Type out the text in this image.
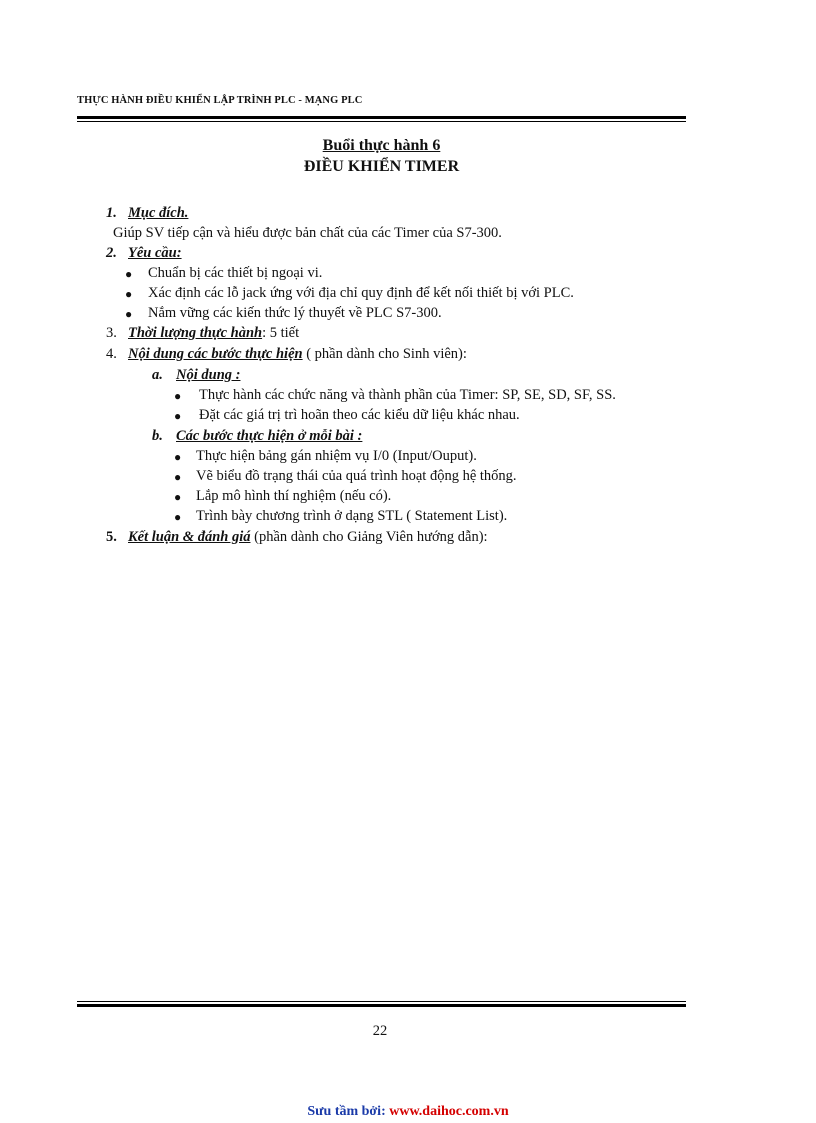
THỰC HÀNH ĐIỀU KHIỂN LẬP TRÌNH PLC - MẠNG PLC
Buổi thực hành 6
ĐIỀU KHIỂN TIMER
1. Mục đích.
Giúp SV tiếp cận và hiểu được bản chất của các Timer của S7-300.
2. Yêu cầu:
● Chuẩn bị các thiết bị ngoại vi.
● Xác định các lỗ jack ứng với địa chỉ quy định để kết nối thiết bị với PLC.
● Nắm vững các kiến thức lý thuyết về PLC S7-300.
3. Thời lượng thực hành: 5 tiết
4. Nội dung các bước thực hiện ( phần dành cho Sinh viên):
a. Nội dung :
● Thực hành các chức năng và thành phần của Timer: SP, SE, SD, SF, SS.
● Đặt các giá trị trì hoãn theo các kiểu dữ liệu khác nhau.
b. Các bước thực hiện ở mỗi bài :
● Thực hiện bảng gán nhiệm vụ I/0 (Input/Ouput).
● Vẽ biểu đồ trạng thái của quá trình hoạt động hệ thống.
● Lắp mô hình thí nghiệm (nếu có).
● Trình bày chương trình ở dạng STL ( Statement List).
5. Kết luận & đánh giá (phần dành cho Giảng Viên hướng dẫn):
22
Sưu tầm bởi: www.daihoc.com.vn
